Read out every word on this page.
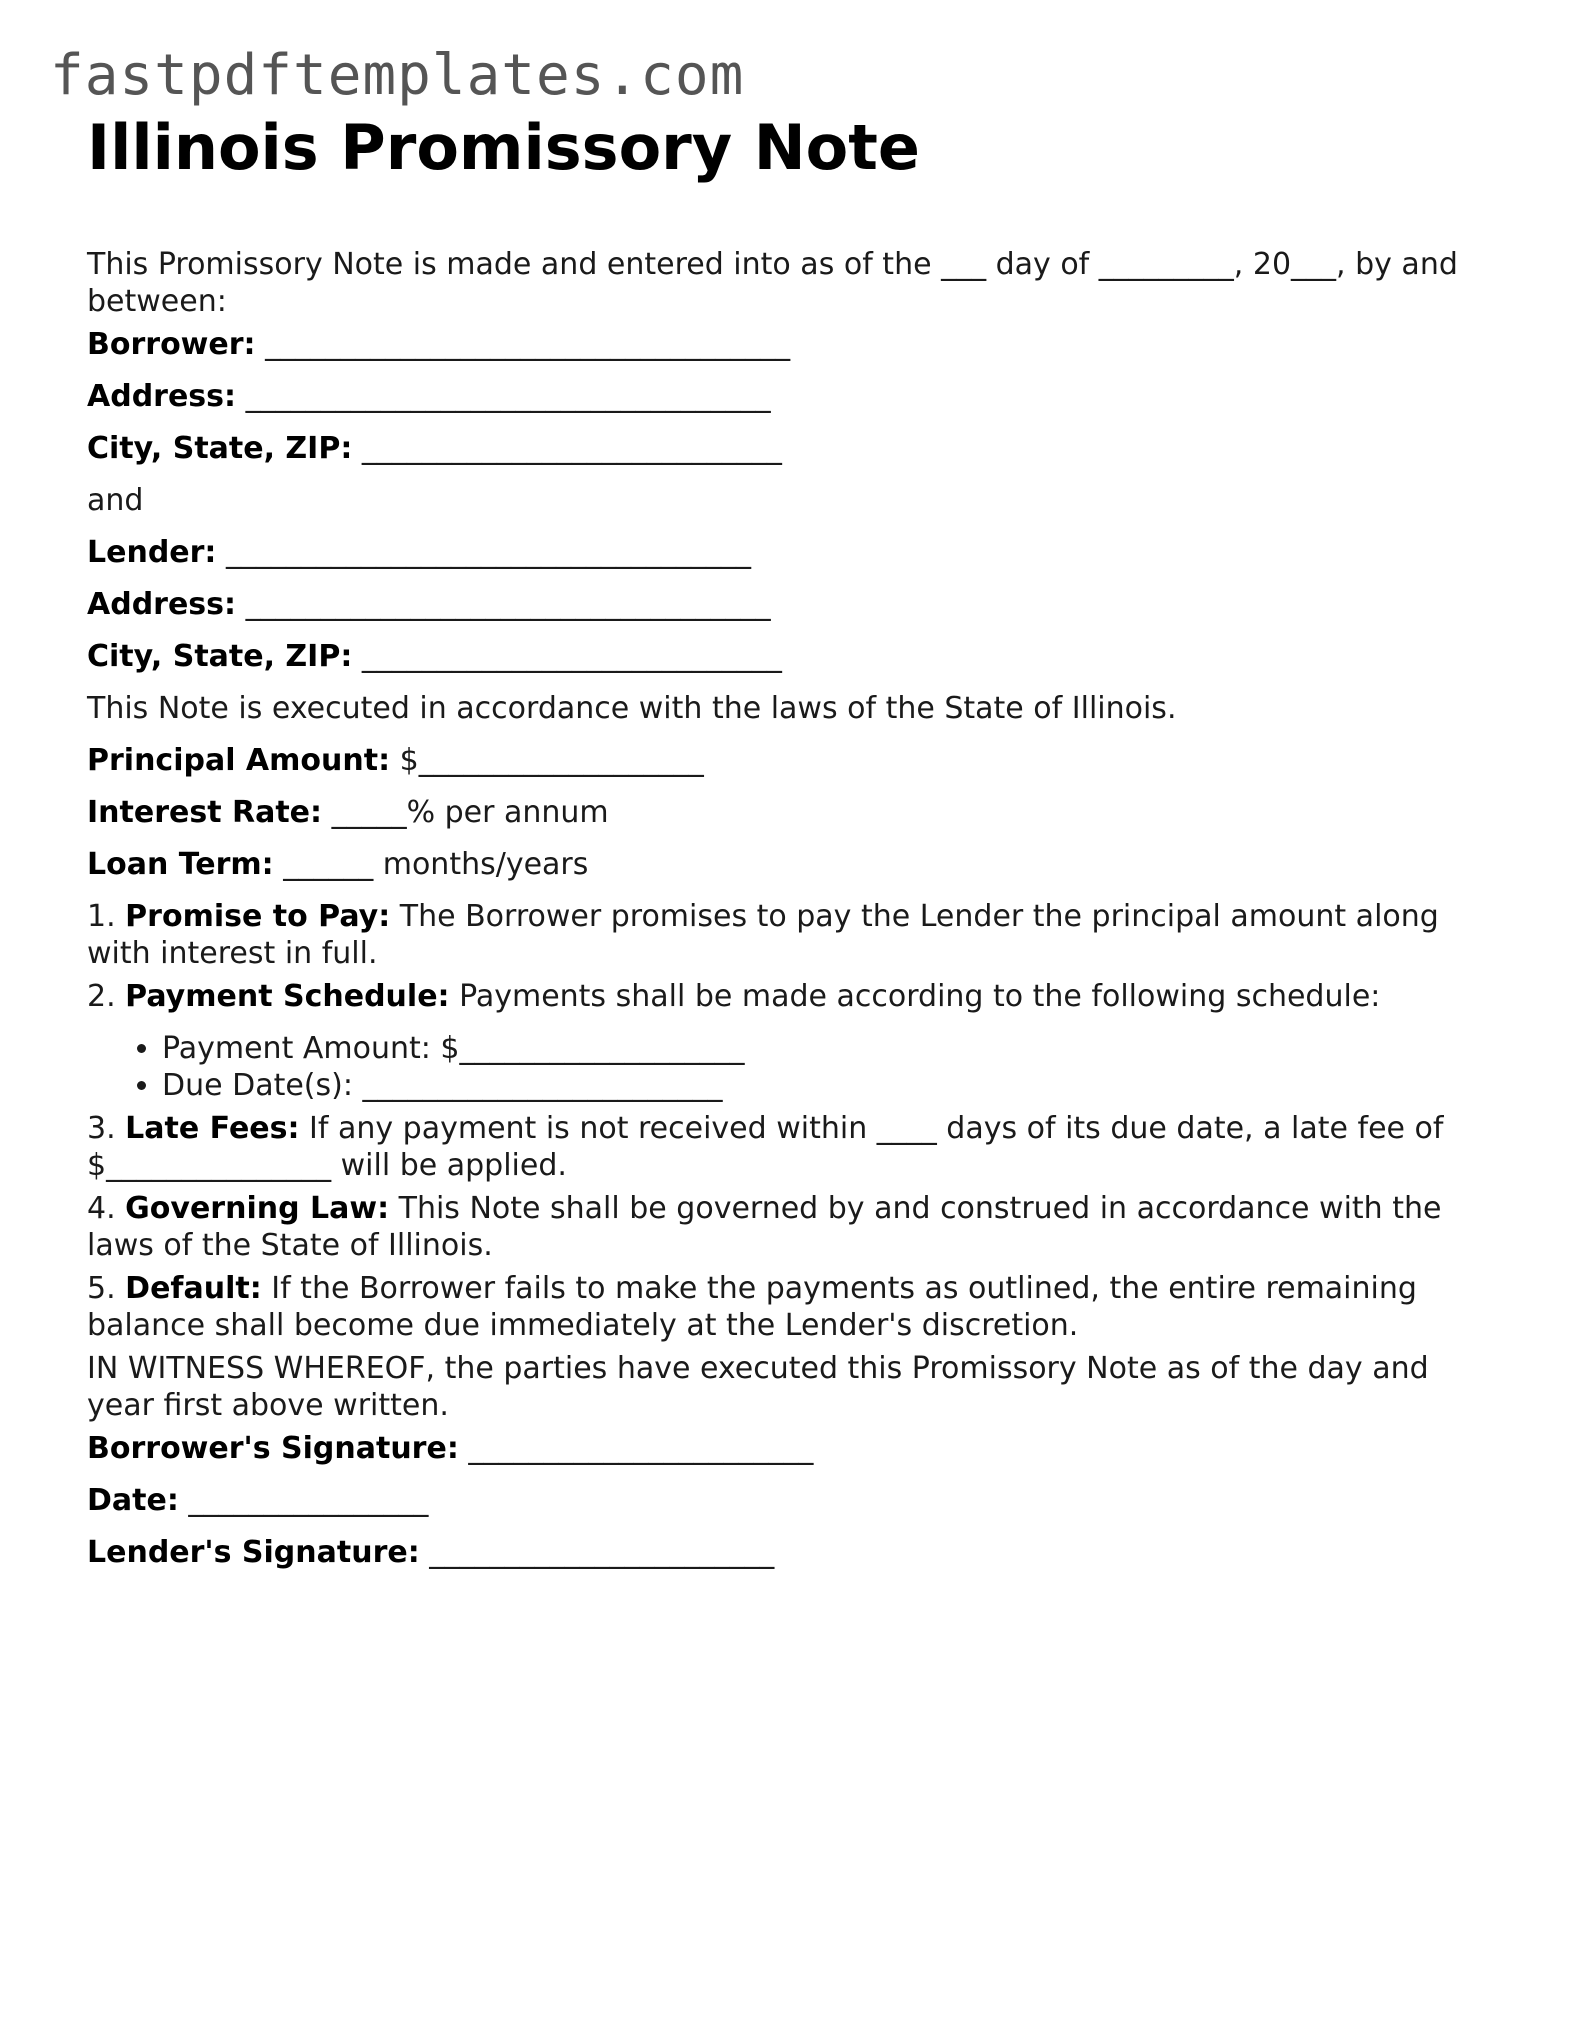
fastpdftemplates.com
Illinois Promissory Note

This Promissory Note is made and entered into as of the ___ day of _________, 20___, by and between:

Borrower: ___________________________________

Address: ___________________________________

City, State, ZIP: ____________________________

and

Lender: ___________________________________

Address: ___________________________________

City, State, ZIP: ____________________________

This Note is executed in accordance with the laws of the State of Illinois.

Principal Amount: $___________________

Interest Rate: _____% per annum

Loan Term: ______ months/years

1. Promise to Pay: The Borrower promises to pay the Lender the principal amount along with interest in full.

2. Payment Schedule: Payments shall be made according to the following schedule:

• Payment Amount: $___________________
• Due Date(s): ________________________

3. Late Fees: If any payment is not received within ____ days of its due date, a late fee of $_______________ will be applied.

4. Governing Law: This Note shall be governed by and construed in accordance with the laws of the State of Illinois.

5. Default: If the Borrower fails to make the payments as outlined, the entire remaining balance shall become due immediately at the Lender's discretion.

IN WITNESS WHEREOF, the parties have executed this Promissory Note as of the day and year first above written.

Borrower's Signature: _______________________

Date: ________________

Lender's Signature: _______________________
